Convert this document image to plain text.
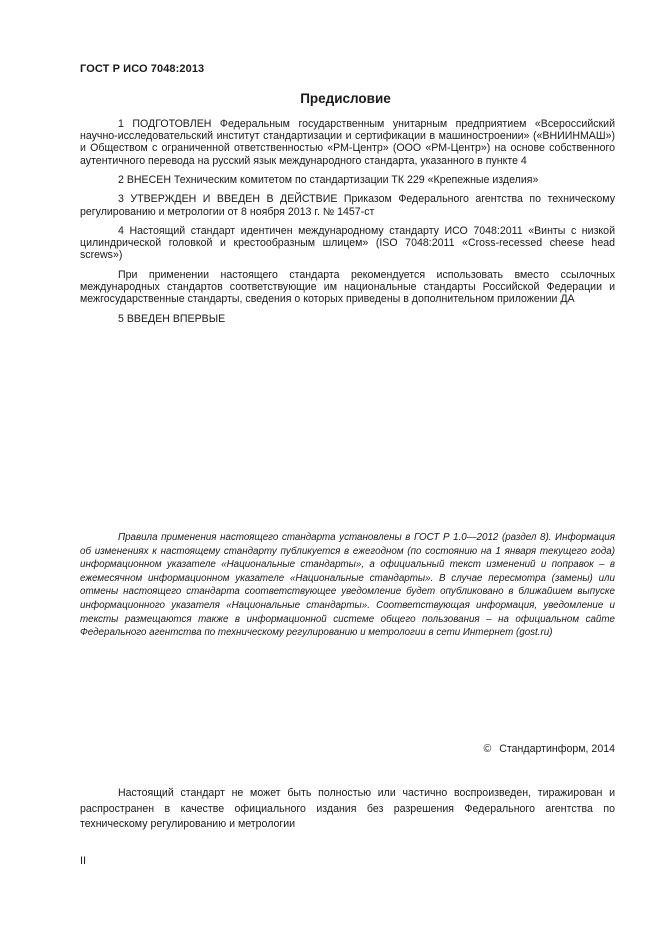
ГОСТ Р ИСО 7048:2013
Предисловие

1 ПОДГОТОВЛЕН Федеральным государственным унитарным предприятием «Всероссийский научно-исследовательский институт стандартизации и сертификации в машиностроении» («ВНИИНМАШ») и Обществом с ограниченной ответственностью «РМ-Центр» (ООО «РМ-Центр») на основе собственного аутентичного перевода на русский язык международного стандарта, указанного в пункте 4

2 ВНЕСЕН Техническим комитетом по стандартизации ТК 229 «Крепежные изделия»

3 УТВЕРЖДЕН И ВВЕДЕН В ДЕЙСТВИЕ Приказом Федерального агентства по техническому регулированию и метрологии от 8 ноября 2013 г. № 1457-ст

4 Настоящий стандарт идентичен международному стандарту ИСО 7048:2011 «Винты с низкой цилиндрической головкой и крестообразным шлицем» (ISO 7048:2011 «Cross-recessed cheese head screws»)

При применении настоящего стандарта рекомендуется использовать вместо ссылочных международных стандартов соответствующие им национальные стандарты Российской Федерации и межгосударственные стандарты, сведения о которых приведены в дополнительном приложении ДА

5 ВВЕДЕН ВПЕРВЫЕ

Правила применения настоящего стандарта установлены в ГОСТ Р 1.0—2012 (раздел 8). Информация об изменениях к настоящему стандарту публикуется в ежегодном (по состоянию на 1 января текущего года) информационном указателе «Национальные стандарты», а официальный текст изменений и поправок – в ежемесячном информационном указателе «Национальные стандарты». В случае пересмотра (замены) или отмены настоящего стандарта соответствующее уведомление будет опубликовано в ближайшем выпуске информационного указателя «Национальные стандарты». Соответствующая информация, уведомление и тексты размещаются также в информационной системе общего пользования – на официальном сайте Федерального агентства по техническому регулированию и метрологии в сети Интернет (gost.ru)

© Стандартинформ, 2014

Настоящий стандарт не может быть полностью или частично воспроизведен, тиражирован и распространен в качестве официального издания без разрешения Федерального агентства по техническому регулированию и метрологии

II
